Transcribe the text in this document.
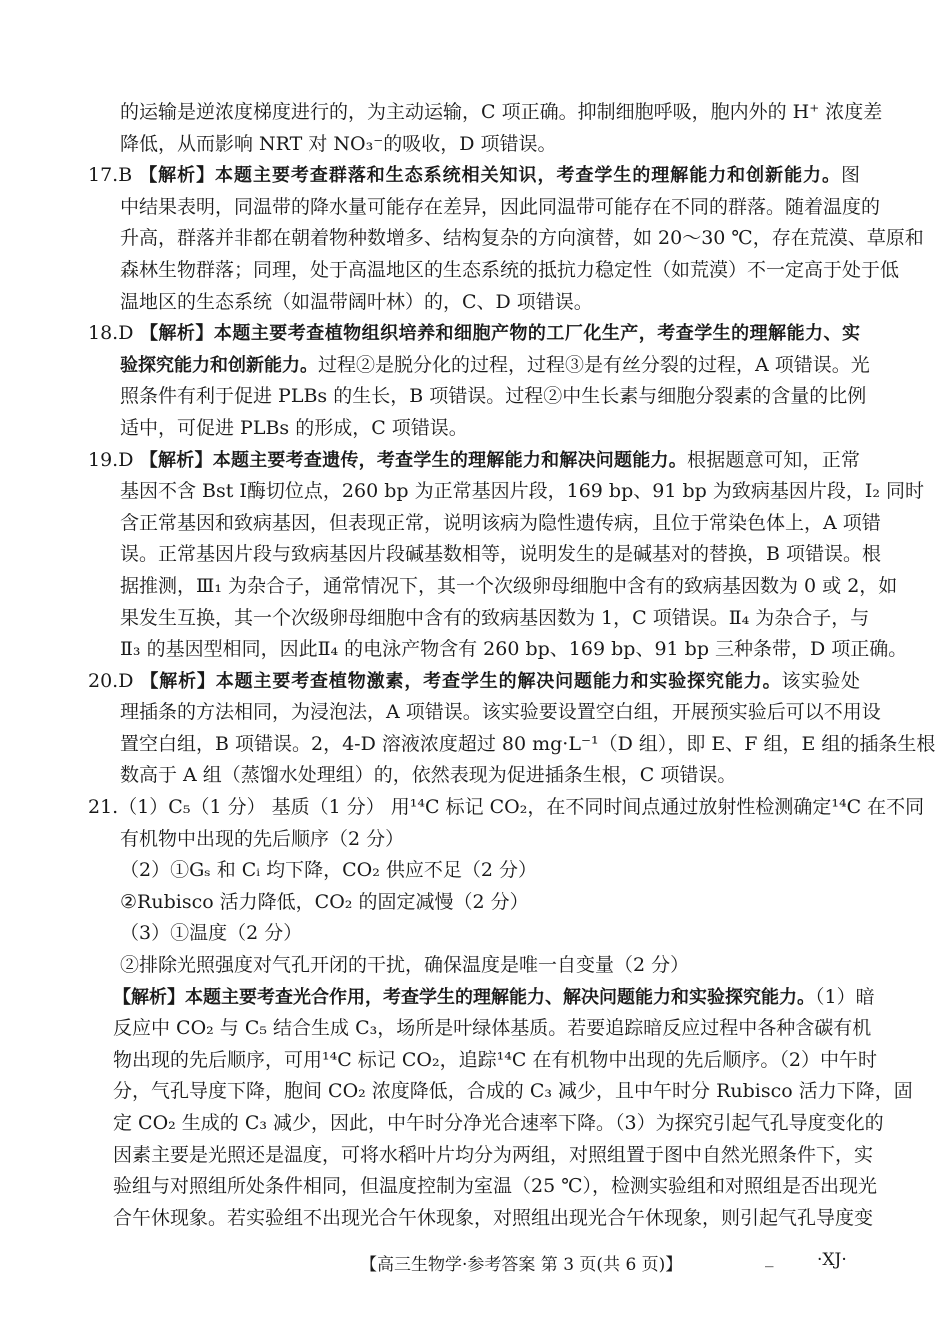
的运输是逆浓度梯度进行的，为主动运输，C 项正确。抑制细胞呼吸，胞内外的 H⁺ 浓度差
降低，从而影响 NRT 对 NO₃⁻的吸收，D 项错误。
17.B 【解析】本题主要考查群落和生态系统相关知识，考查学生的理解能力和创新能力。图
中结果表明，同温带的降水量可能存在差异，因此同温带可能存在不同的群落。随着温度的
升高，群落并非都在朝着物种数增多、结构复杂的方向演替，如 20～30 ℃，存在荒漠、草原和
森林生物群落；同理，处于高温地区的生态系统的抵抗力稳定性（如荒漠）不一定高于处于低
温地区的生态系统（如温带阔叶林）的，C、D 项错误。
18.D 【解析】本题主要考查植物组织培养和细胞产物的工厂化生产，考查学生的理解能力、实
验探究能力和创新能力。过程②是脱分化的过程，过程③是有丝分裂的过程，A 项错误。光
照条件有利于促进 PLBs 的生长，B 项错误。过程②中生长素与细胞分裂素的含量的比例
适中，可促进 PLBs 的形成，C 项错误。
19.D 【解析】本题主要考查遗传，考查学生的理解能力和解决问题能力。根据题意可知，正常
基因不含 Bst Ⅰ酶切位点，260 bp 为正常基因片段，169 bp、91 bp 为致病基因片段，Ⅰ₂ 同时
含正常基因和致病基因，但表现正常，说明该病为隐性遗传病，且位于常染色体上，A 项错
误。正常基因片段与致病基因片段碱基数相等，说明发生的是碱基对的替换，B 项错误。根
据推测，Ⅲ₁ 为杂合子，通常情况下，其一个次级卵母细胞中含有的致病基因数为 0 或 2，如
果发生互换，其一个次级卵母细胞中含有的致病基因数为 1，C 项错误。Ⅱ₄ 为杂合子，与
Ⅱ₃ 的基因型相同，因此Ⅱ₄ 的电泳产物含有 260 bp、169 bp、91 bp 三种条带，D 项正确。
20.D 【解析】本题主要考查植物激素，考查学生的解决问题能力和实验探究能力。该实验处
理插条的方法相同，为浸泡法，A 项错误。该实验要设置空白组，开展预实验后可以不用设
置空白组，B 项错误。2，4-D 溶液浓度超过 80 mg·L⁻¹（D 组），即 E、F 组，E 组的插条生根
数高于 A 组（蒸馏水处理组）的，依然表现为促进插条生根，C 项错误。
21.（1）C₅（1 分） 基质（1 分） 用¹⁴C 标记 CO₂，在不同时间点通过放射性检测确定¹⁴C 在不同
有机物中出现的先后顺序（2 分）
（2）①Gₛ 和 Cᵢ 均下降，CO₂ 供应不足（2 分）
②Rubisco 活力降低，CO₂ 的固定减慢（2 分）
（3）①温度（2 分）
②排除光照强度对气孔开闭的干扰，确保温度是唯一自变量（2 分）
【解析】本题主要考查光合作用，考查学生的理解能力、解决问题能力和实验探究能力。（1）暗
反应中 CO₂ 与 C₅ 结合生成 C₃，场所是叶绿体基质。若要追踪暗反应过程中各种含碳有机
物出现的先后顺序，可用¹⁴C 标记 CO₂，追踪¹⁴C 在有机物中出现的先后顺序。（2）中午时
分，气孔导度下降，胞间 CO₂ 浓度降低，合成的 C₃ 减少，且中午时分 Rubisco 活力下降，固
定 CO₂ 生成的 C₃ 减少，因此，中午时分净光合速率下降。（3）为探究引起气孔导度变化的
因素主要是光照还是温度，可将水稻叶片均分为两组，对照组置于图中自然光照条件下，实
验组与对照组所处条件相同，但温度控制为室温（25 ℃），检测实验组和对照组是否出现光
合午休现象。若实验组不出现光合午休现象，对照组出现光合午休现象，则引起气孔导度变
【高三生物学·参考答案 第 3 页(共 6 页)】	_	·XJ·
